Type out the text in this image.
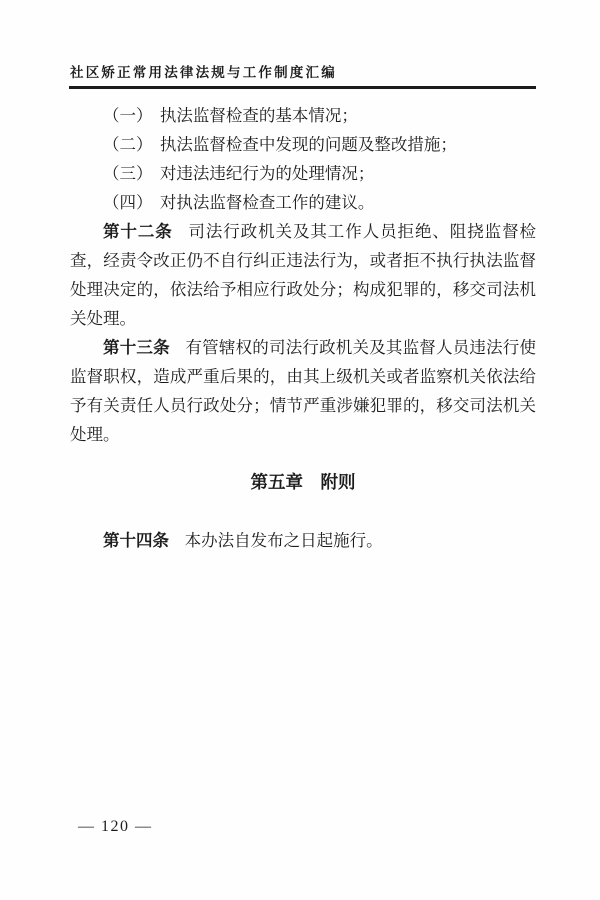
社区矫正常用法律法规与工作制度汇编

（一） 执法监督检查的基本情况；

（二） 执法监督检查中发现的问题及整改措施；

（三） 对违法违纪行为的处理情况；

（四） 对执法监督检查工作的建议。

第十二条 司法行政机关及其工作人员拒绝、阻挠监督检查，经责令改正仍不自行纠正违法行为，或者拒不执行执法监督处理决定的，依法给予相应行政处分；构成犯罪的，移交司法机关处理。

第十三条 有管辖权的司法行政机关及其监督人员违法行使监督职权，造成严重后果的，由其上级机关或者监察机关依法给予有关责任人员行政处分；情节严重涉嫌犯罪的，移交司法机关处理。

第五章 附则

第十四条 本办法自发布之日起施行。

— 120 —
